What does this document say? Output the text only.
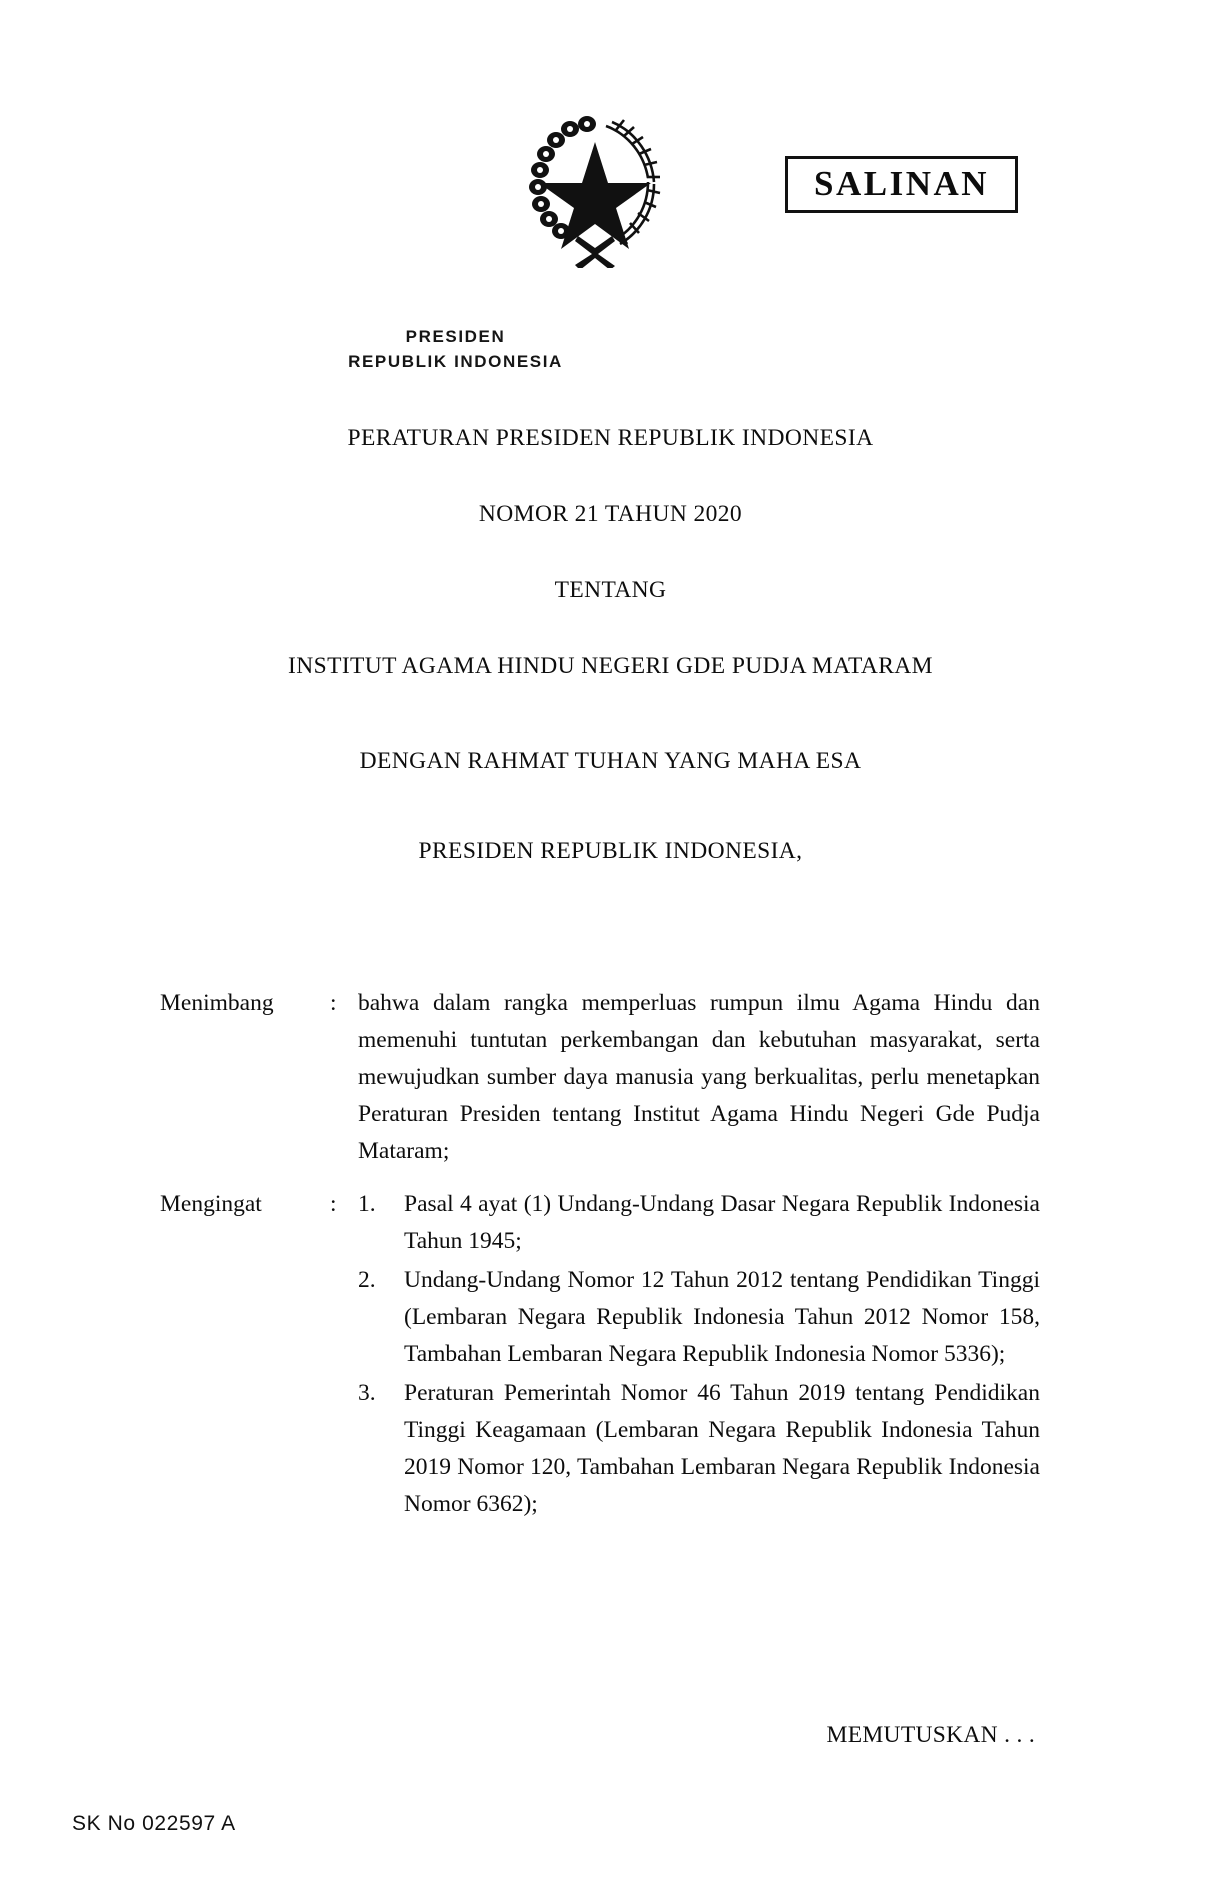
SALINAN
PRESIDEN
REPUBLIK INDONESIA
PERATURAN PRESIDEN REPUBLIK INDONESIA
NOMOR 21 TAHUN 2020
TENTANG
INSTITUT AGAMA HINDU NEGERI GDE PUDJA MATARAM
DENGAN RAHMAT TUHAN YANG MAHA ESA
PRESIDEN REPUBLIK INDONESIA,
Menimbang	: bahwa dalam rangka memperluas rumpun ilmu Agama Hindu dan memenuhi tuntutan perkembangan dan kebutuhan masyarakat, serta mewujudkan sumber daya manusia yang berkualitas, perlu menetapkan Peraturan Presiden tentang Institut Agama Hindu Negeri Gde Pudja Mataram;

Mengingat	: 1.	Pasal 4 ayat (1) Undang-Undang Dasar Negara Republik Indonesia Tahun 1945;
2.	Undang-Undang Nomor 12 Tahun 2012 tentang Pendidikan Tinggi (Lembaran Negara Republik Indonesia Tahun 2012 Nomor 158, Tambahan Lembaran Negara Republik Indonesia Nomor 5336);
3.	Peraturan Pemerintah Nomor 46 Tahun 2019 tentang Pendidikan Tinggi Keagamaan (Lembaran Negara Republik Indonesia Tahun 2019 Nomor 120, Tambahan Lembaran Negara Republik Indonesia Nomor 6362);
MEMUTUSKAN . . .
SK No 022597 A
